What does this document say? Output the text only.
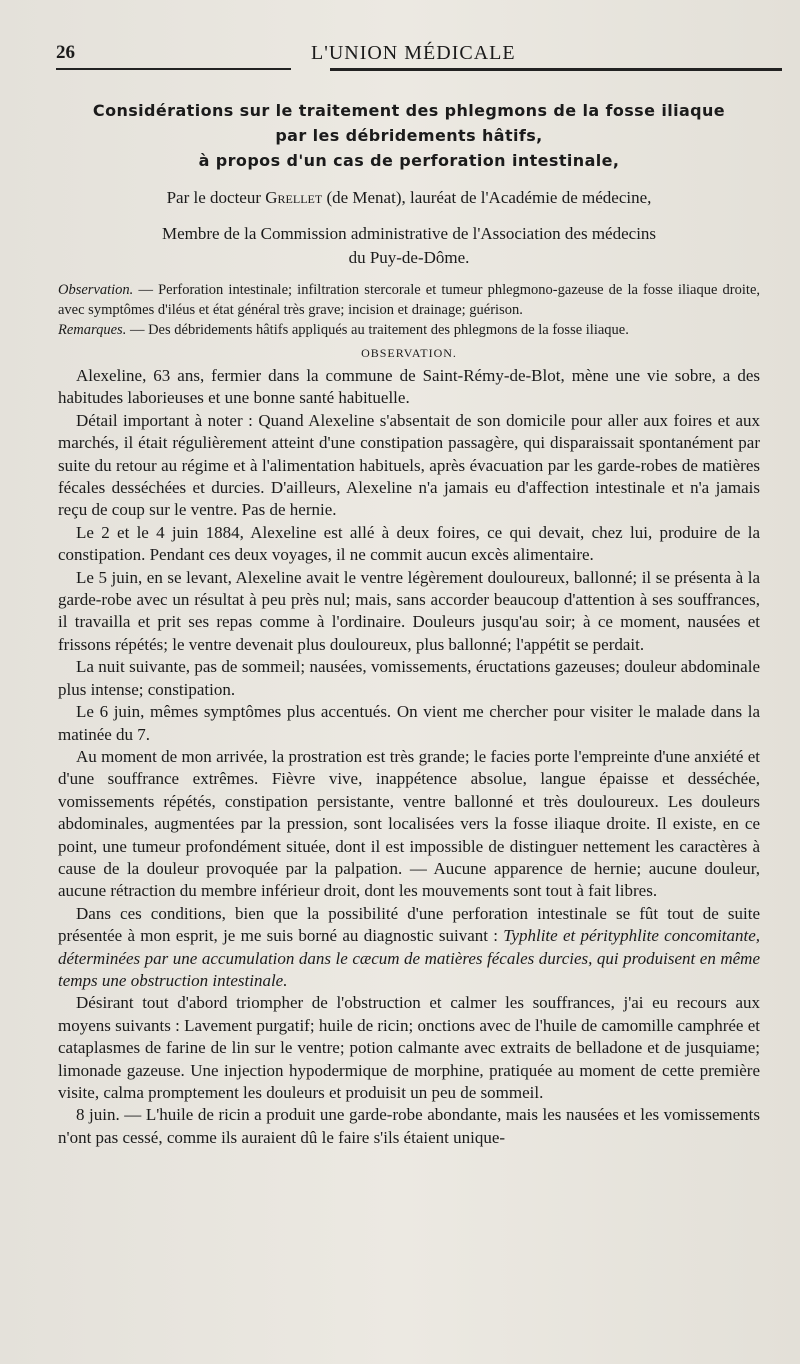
26	L'UNION MÉDICALE
Considérations sur le traitement des phlegmons de la fosse iliaque
par les débridements hâtifs,
à propos d'un cas de perforation intestinale,

Par le docteur Grellet (de Menat), lauréat de l'Académie de médecine,

Membre de la Commission administrative de l'Association des médecins
du Puy-de-Dôme.

Observation. — Perforation intestinale; infiltration stercorale et tumeur phlegmono-gazeuse de la fosse iliaque droite, avec symptômes d'iléus et état général très grave; incision et drainage; guérison.

Remarques. — Des débridements hâtifs appliqués au traitement des phlegmons de la fosse iliaque.

OBSERVATION.

Alexeline, 63 ans, fermier dans la commune de Saint-Rémy-de-Blot, mène une vie sobre, a des habitudes laborieuses et une bonne santé habituelle.

Détail important à noter : Quand Alexeline s'absentait de son domicile pour aller aux foires et aux marchés, il était régulièrement atteint d'une constipation passagère, qui disparaissait spontanément par suite du retour au régime et à l'alimentation habituels, après évacuation par les garde-robes de matières fécales desséchées et durcies. D'ailleurs, Alexeline n'a jamais eu d'affection intestinale et n'a jamais reçu de coup sur le ventre. Pas de hernie.

Le 2 et le 4 juin 1884, Alexeline est allé à deux foires, ce qui devait, chez lui, produire de la constipation. Pendant ces deux voyages, il ne commit aucun excès alimentaire.

Le 5 juin, en se levant, Alexeline avait le ventre légèrement douloureux, ballonné; il se présenta à la garde-robe avec un résultat à peu près nul; mais, sans accorder beaucoup d'attention à ses souffrances, il travailla et prit ses repas comme à l'ordinaire. Douleurs jusqu'au soir; à ce moment, nausées et frissons répétés; le ventre devenait plus douloureux, plus ballonné; l'appétit se perdait.

La nuit suivante, pas de sommeil; nausées, vomissements, éructations gazeuses; douleur abdominale plus intense; constipation.

Le 6 juin, mêmes symptômes plus accentués. On vient me chercher pour visiter le malade dans la matinée du 7.

Au moment de mon arrivée, la prostration est très grande; le facies porte l'empreinte d'une anxiété et d'une souffrance extrêmes. Fièvre vive, inappétence absolue, langue épaisse et desséchée, vomissements répétés, constipation persistante, ventre ballonné et très douloureux. Les douleurs abdominales, augmentées par la pression, sont localisées vers la fosse iliaque droite. Il existe, en ce point, une tumeur profondément située, dont il est impossible de distinguer nettement les caractères à cause de la douleur provoquée par la palpation. — Aucune apparence de hernie; aucune douleur, aucune rétraction du membre inférieur droit, dont les mouvements sont tout à fait libres.

Dans ces conditions, bien que la possibilité d'une perforation intestinale se fût tout de suite présentée à mon esprit, je me suis borné au diagnostic suivant : Typhlite et pérityphlite concomitante, déterminées par une accumulation dans le cæcum de matières fécales durcies, qui produisent en même temps une obstruction intestinale.

Désirant tout d'abord triompher de l'obstruction et calmer les souffrances, j'ai eu recours aux moyens suivants : Lavement purgatif; huile de ricin; onctions avec de l'huile de camomille camphrée et cataplasmes de farine de lin sur le ventre; potion calmante avec extraits de belladone et de jusquiame; limonade gazeuse. Une injection hypodermique de morphine, pratiquée au moment de cette première visite, calma promptement les douleurs et produisit un peu de sommeil.

8 juin. — L'huile de ricin a produit une garde-robe abondante, mais les nausées et les vomissements n'ont pas cessé, comme ils auraient dû le faire s'ils étaient unique-
